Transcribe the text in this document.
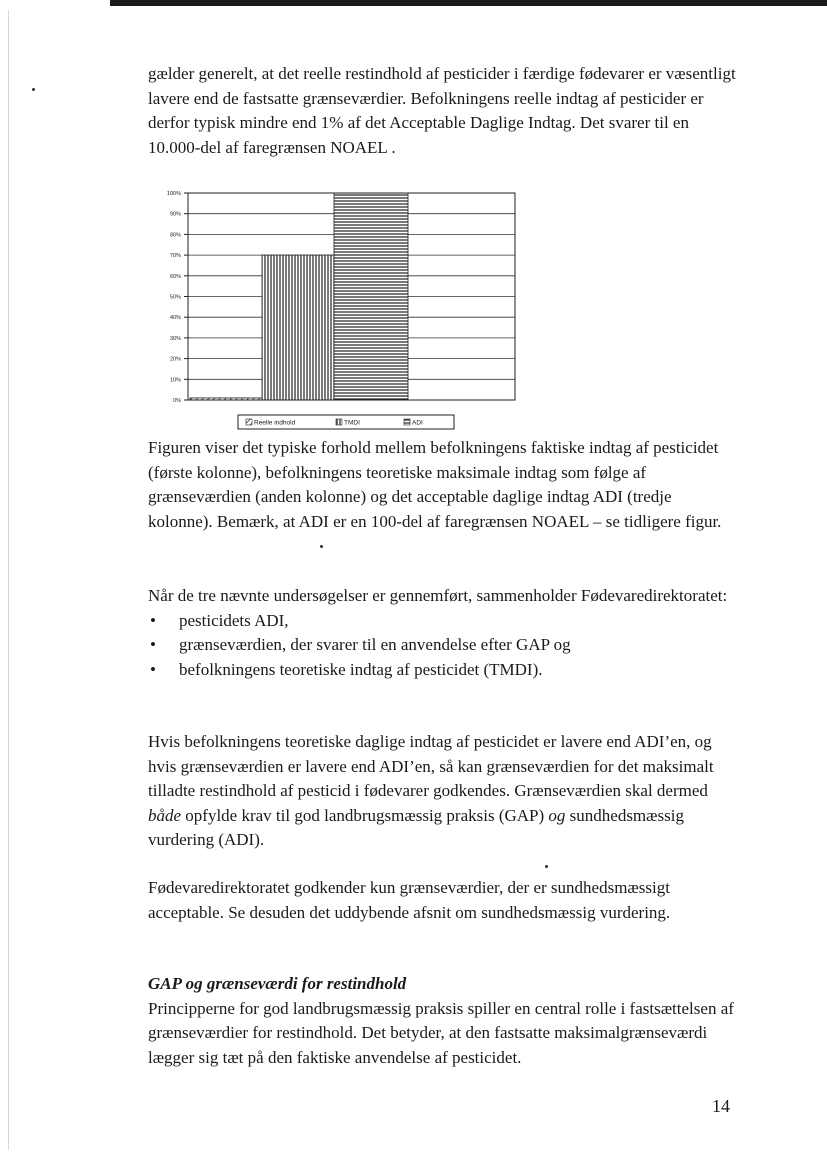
gælder generelt, at det reelle restindhold af pesticider i færdige fødevarer er væsentligt lavere end de fastsatte grænseværdier. Befolkningens reelle indtag af pesticider er derfor typisk mindre end 1% af det Acceptable Daglige Indtag. Det svarer til en 10.000-del af faregrænsen NOAEL .

0%
10%
20%
30%
40%
50%
60%
70%
80%
90%
100%
Reelle indhold	TMDI	ADI

Figuren viser det typiske forhold mellem befolkningens faktiske indtag af pesticidet (første kolonne), befolkningens teoretiske maksimale indtag som følge af grænseværdien (anden kolonne) og det acceptable daglige indtag ADI (tredje kolonne). Bemærk, at ADI er en 100-del af faregrænsen NOAEL – se tidligere figur.

Når de tre nævnte undersøgelser er gennemført, sammenholder Fødevaredirektoratet:

• pesticidets ADI,
• grænseværdien, der svarer til en anvendelse efter GAP og
• befolkningens teoretiske indtag af pesticidet (TMDI).

Hvis befolkningens teoretiske daglige indtag af pesticidet er lavere end ADI’en, og hvis grænseværdien er lavere end ADI’en, så kan grænseværdien for det maksimalt tilladte restindhold af pesticid i fødevarer godkendes. Grænseværdien skal dermed både opfylde krav til god landbrugsmæssig praksis (GAP) og sundhedsmæssig vurdering (ADI).

Fødevaredirektoratet godkender kun grænseværdier, der er sundhedsmæssigt acceptable. Se desuden det uddybende afsnit om sundhedsmæssig vurdering.

GAP og grænseværdi for restindhold

Principperne for god landbrugsmæssig praksis spiller en central rolle i fastsættelsen af grænseværdier for restindhold. Det betyder, at den fastsatte maksimalgrænseværdi lægger sig tæt på den faktiske anvendelse af pesticidet.

14
